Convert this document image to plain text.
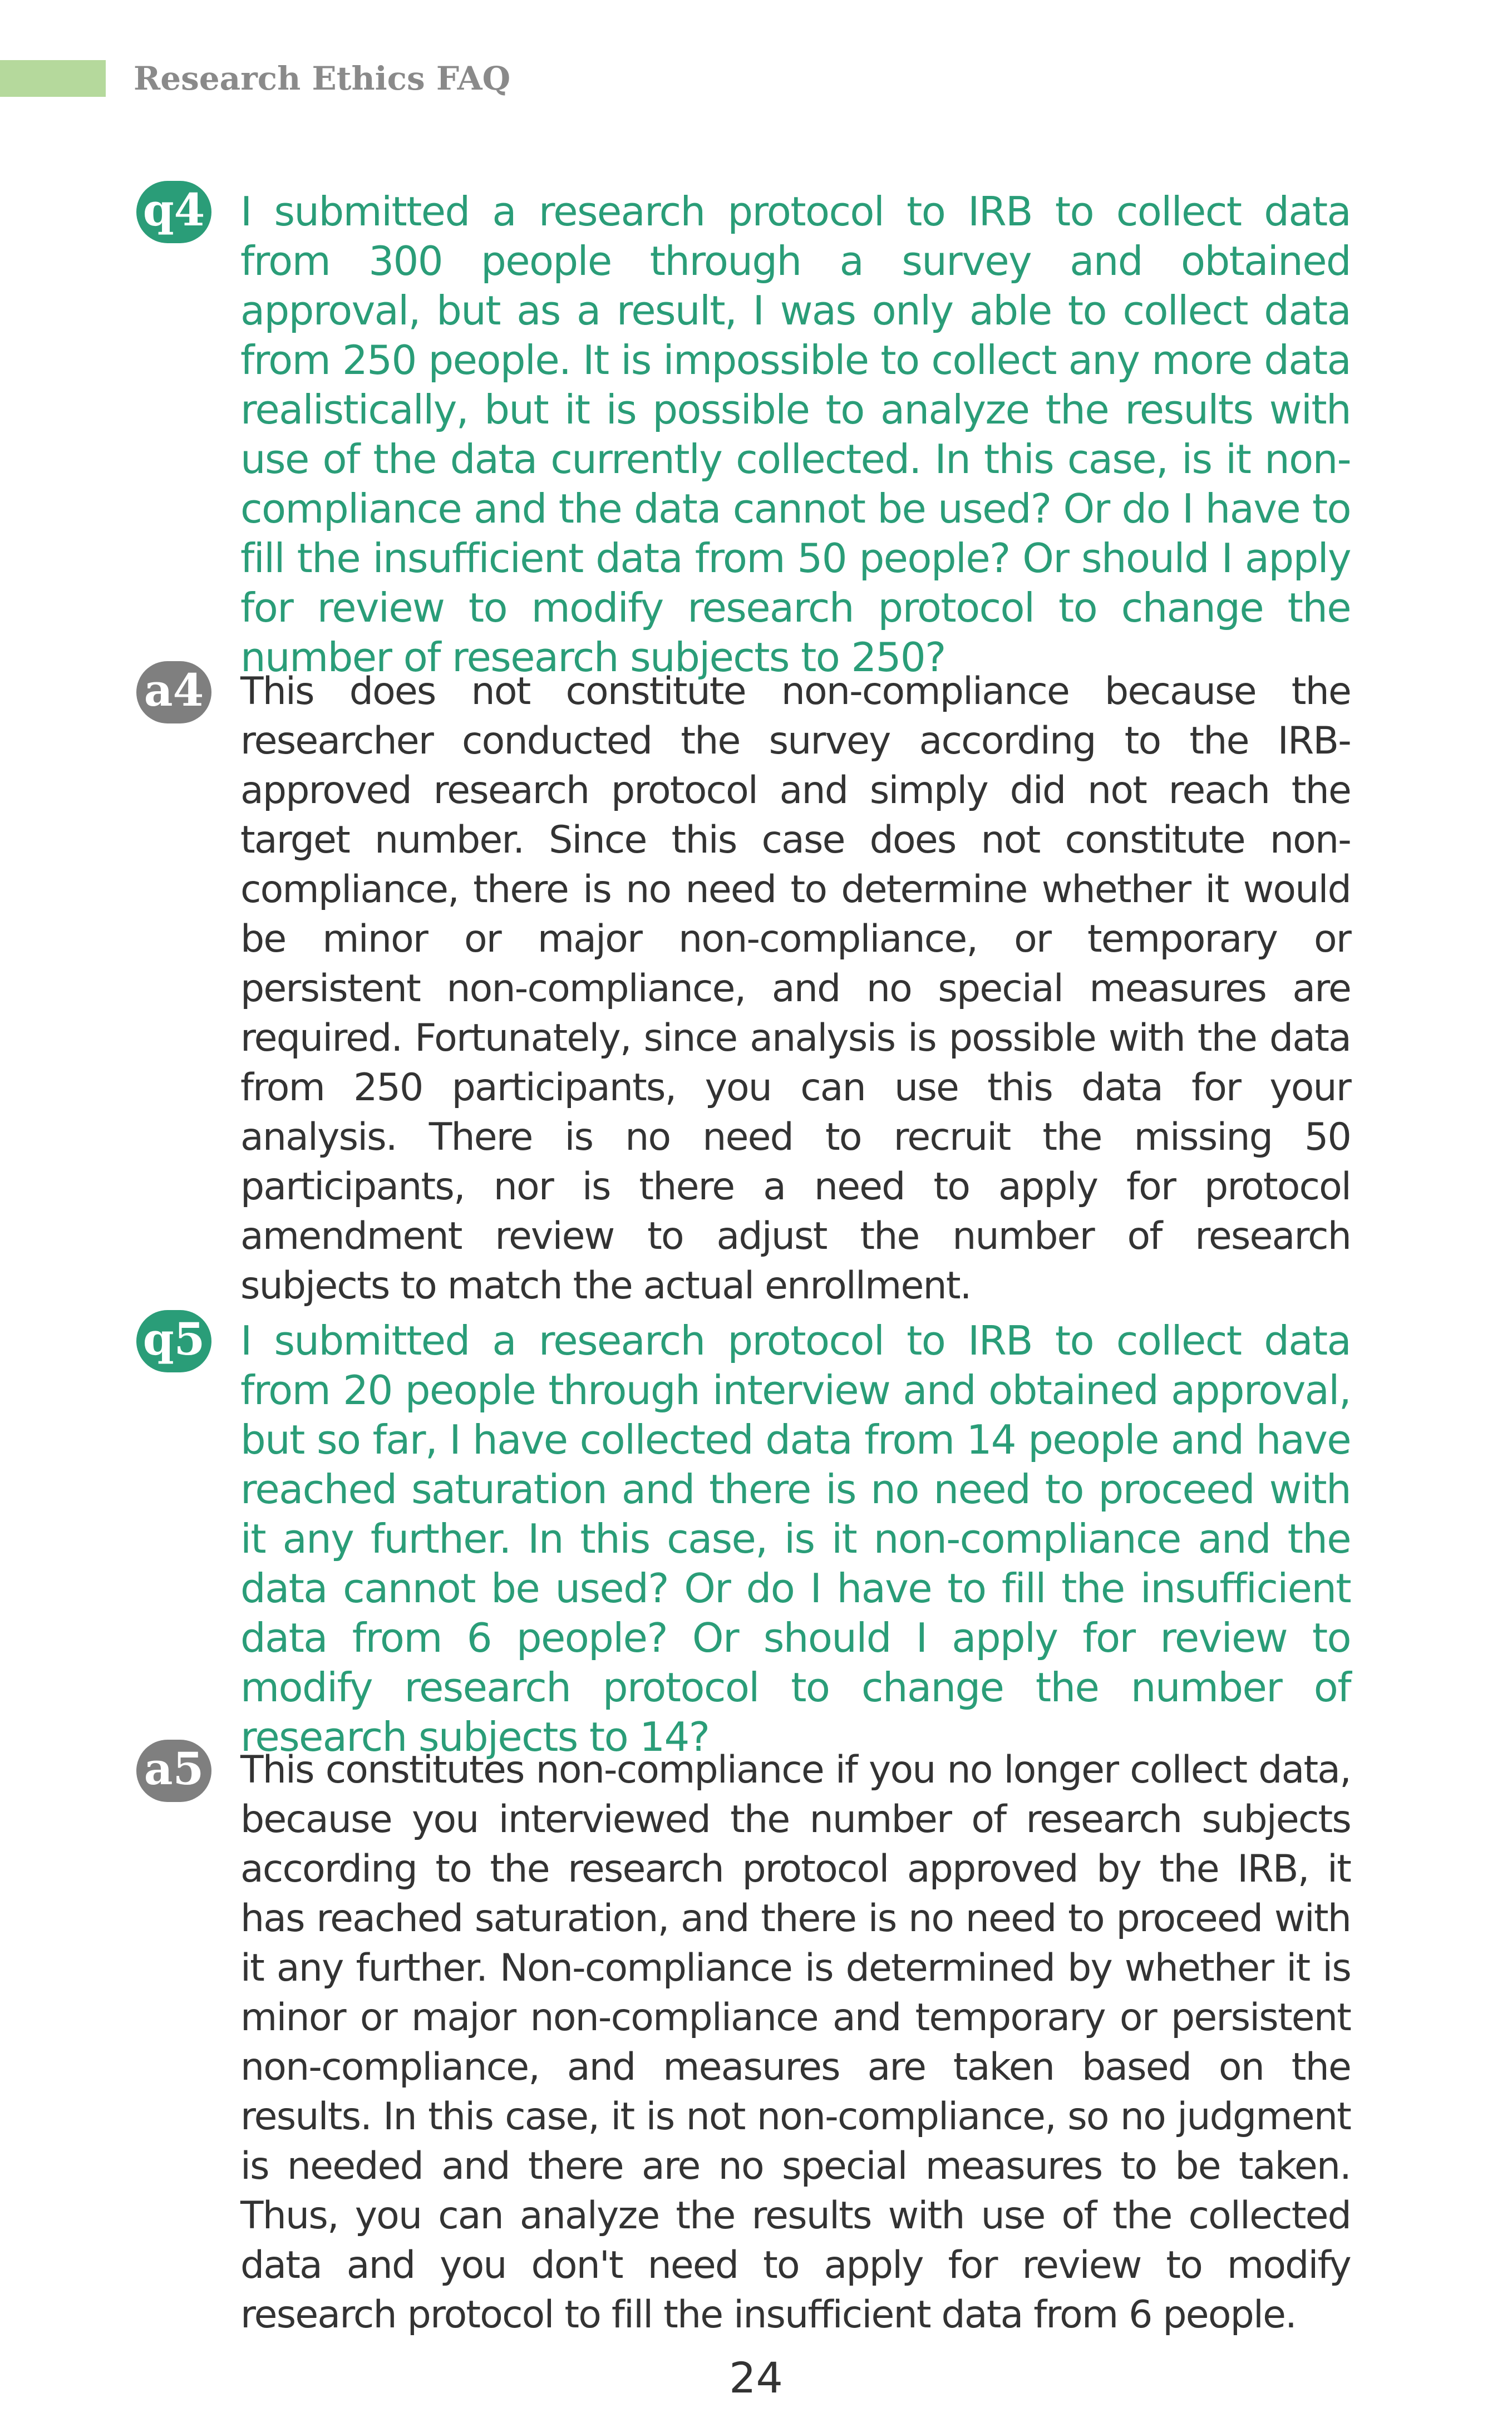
Research Ethics FAQ
q4 I submitted a research protocol to IRB to collect data from 300 people through a survey and obtained approval, but as a result, I was only able to collect data from 250 people. It is impossible to collect any more data realistically, but it is possible to analyze the results with use of the data currently collected. In this case, is it non-compliance and the data cannot be used? Or do I have to fill the insufficient data from 50 people? Or should I apply for review to modify research protocol to change the number of research subjects to 250?

a4 This does not constitute non-compliance because the researcher conducted the survey according to the IRB-approved research protocol and simply did not reach the target number. Since this case does not constitute non-compliance, there is no need to determine whether it would be minor or major non-compliance, or temporary or persistent non-compliance, and no special measures are required. Fortunately, since analysis is possible with the data from 250 participants, you can use this data for your analysis. There is no need to recruit the missing 50 participants, nor is there a need to apply for protocol amendment review to adjust the number of research subjects to match the actual enrollment.

q5 I submitted a research protocol to IRB to collect data from 20 people through interview and obtained approval, but so far, I have collected data from 14 people and have reached saturation and there is no need to proceed with it any further. In this case, is it non-compliance and the data cannot be used? Or do I have to fill the insufficient data from 6 people? Or should I apply for review to modify research protocol to change the number of research subjects to 14?

a5 This constitutes non-compliance if you no longer collect data, because you interviewed the number of research subjects according to the research protocol approved by the IRB, it has reached saturation, and there is no need to proceed with it any further. Non-compliance is determined by whether it is minor or major non-compliance and temporary or persistent non-compliance, and measures are taken based on the results. In this case, it is not non-compliance, so no judgment is needed and there are no special measures to be taken. Thus, you can analyze the results with use of the collected data and you don't need to apply for review to modify research protocol to fill the insufficient data from 6 people.

24
